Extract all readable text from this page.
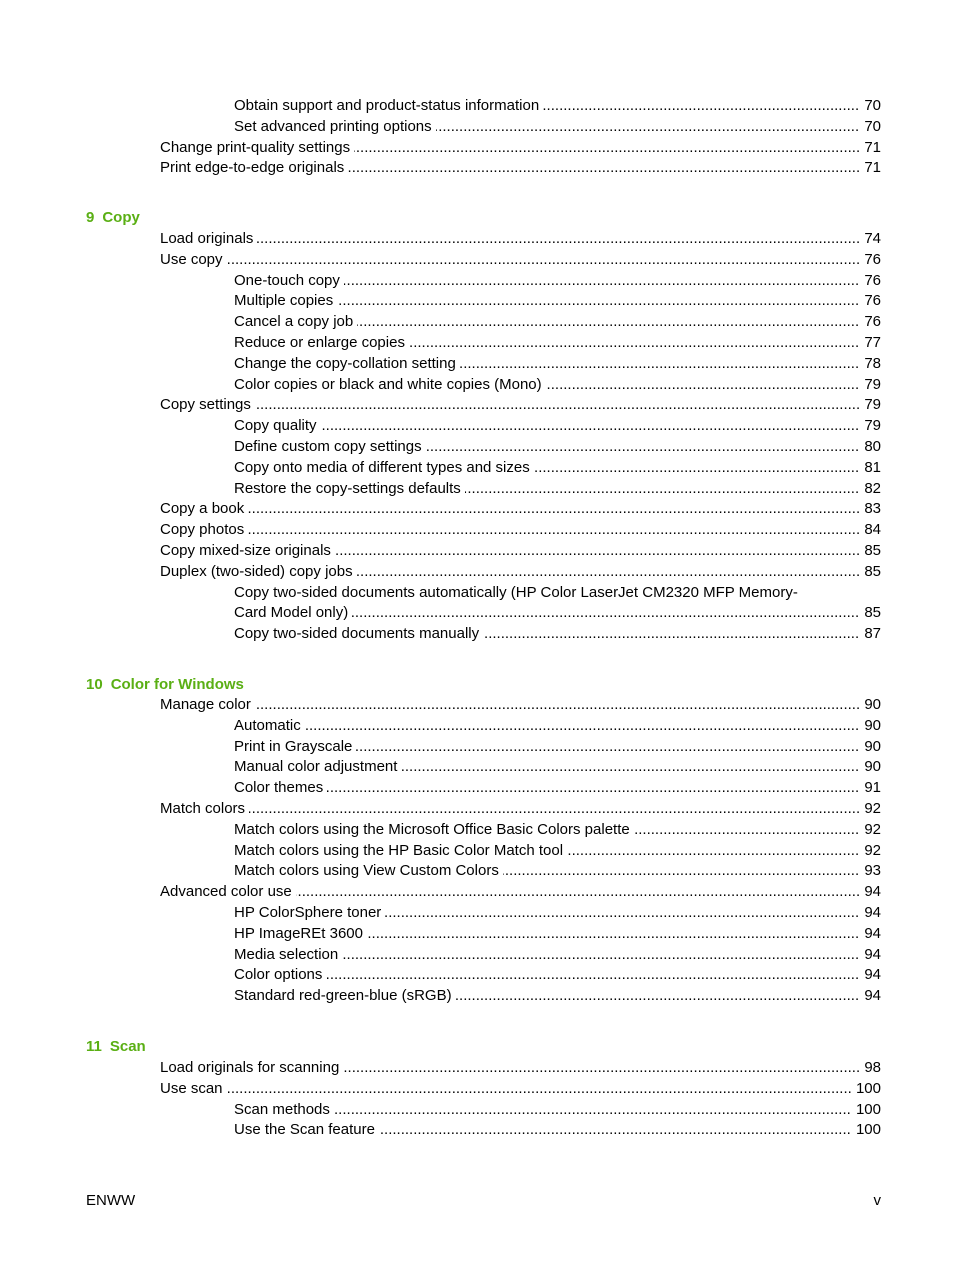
.....
Obtain support and product-status information	70
.....
Set advanced printing options	70
.....
Change print-quality settings	71
.....
Print edge-to-edge originals	71
9 Copy
.....
Load originals	74
.....
Use copy	76
.....
One-touch copy	76
.....
Multiple copies	76
.....
Cancel a copy job	76
.....
Reduce or enlarge copies	77
.....
Change the copy-collation setting	78
.....
Color copies or black and white copies (Mono)	79
.....
Copy settings	79
.....
Copy quality	79
.....
Define custom copy settings	80
.....
Copy onto media of different types and sizes	81
.....
Restore the copy-settings defaults	82
.....
Copy a book	83
.....
Copy photos	84
.....
Copy mixed-size originals	85
.....
Duplex (two-sided) copy jobs	85
Copy two-sided documents automatically (HP Color LaserJet CM2320 MFP Memory-
.....
Card Model only)	85
.....
Copy two-sided documents manually	87
10 Color for Windows
.....
Manage color	90
.....
Automatic	90
.....
Print in Grayscale	90
.....
Manual color adjustment	90
.....
Color themes	91
.....
Match colors	92
.....
Match colors using the Microsoft Office Basic Colors palette	92
.....
Match colors using the HP Basic Color Match tool	92
.....
Match colors using View Custom Colors	93
.....
Advanced color use	94
.....
HP ColorSphere toner	94
.....
HP ImageREt 3600	94
.....
Media selection	94
.....
Color options	94
.....
Standard red-green-blue (sRGB)	94
11 Scan
.....
Load originals for scanning	98
.....
Use scan	100
.....
Scan methods	100
.....
Use the Scan feature	100
ENWW	v
